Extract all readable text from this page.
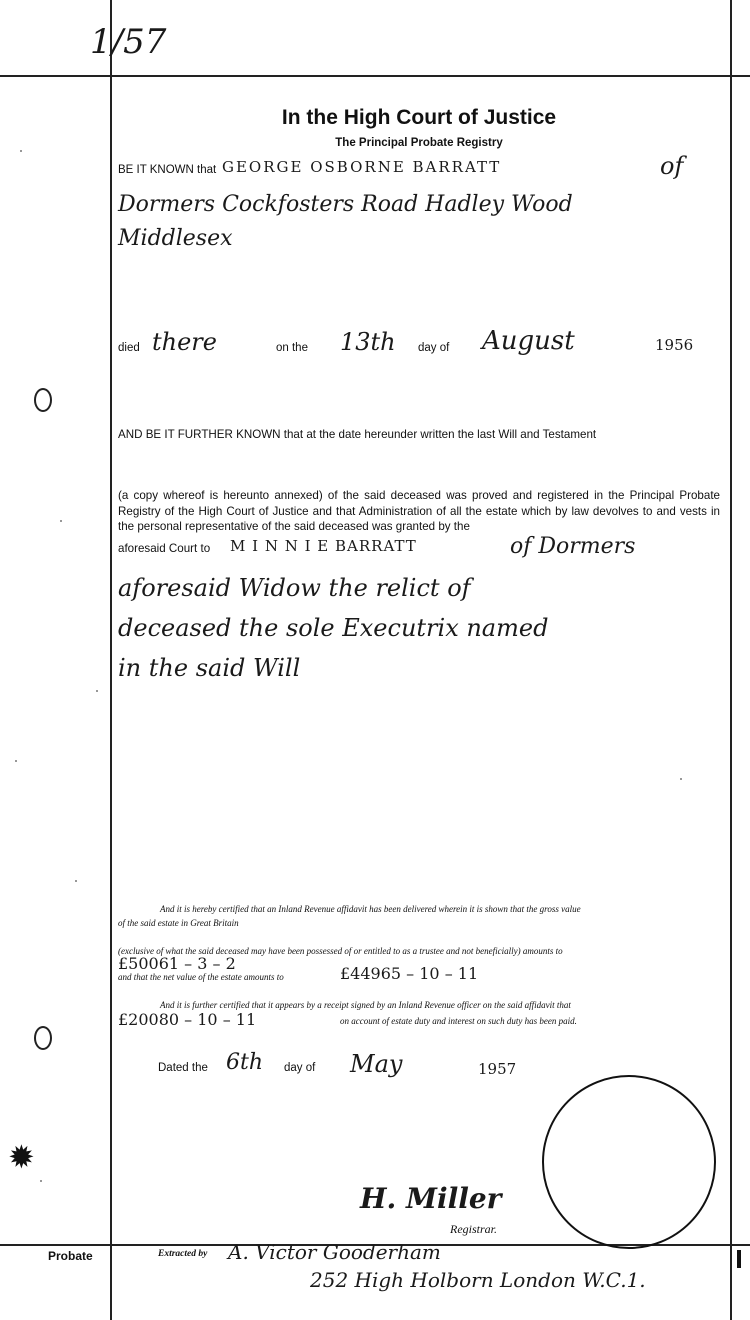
1/57
✹
In the High Court of Justice
The Principal Probate Registry
BE IT KNOWN that GEORGE OSBORNE BARRATT	of
Dormers Cockfosters Road Hadley Wood
Middlesex
died there	on the 13th day of August	1956
AND BE IT FURTHER KNOWN that at the date hereunder written the last Will and Testament
(a copy whereof is hereunto annexed) of the said deceased was proved and registered in the Principal Probate Registry of the High Court of Justice and that Administration of all the estate which by law devolves to and vests in the personal representative of the said deceased was granted by the
aforesaid Court to M I N N I E BARRATT	of Dormers
aforesaid Widow the relict of
deceased the sole Executrix named
in the said Will
And it is hereby certified that an Inland Revenue affidavit has been delivered wherein it is shown that the gross value
of the said estate in Great Britain
(exclusive of what the said deceased may have been possessed of or entitled to as a trustee and not beneficially) amounts to
£50061 – 3 – 2
and that the net value of the estate amounts to	£44965 – 10 – 11
And it is further certified that it appears by a receipt signed by an Inland Revenue officer on the said affidavit that
£20080 – 10 – 11	on account of estate duty and interest on such duty has been paid.
Dated the 6th day of May	1957
H. Miller
Registrar.
Probate	Extracted by A. Victor Gooderham
252 High Holborn London W.C.1.
